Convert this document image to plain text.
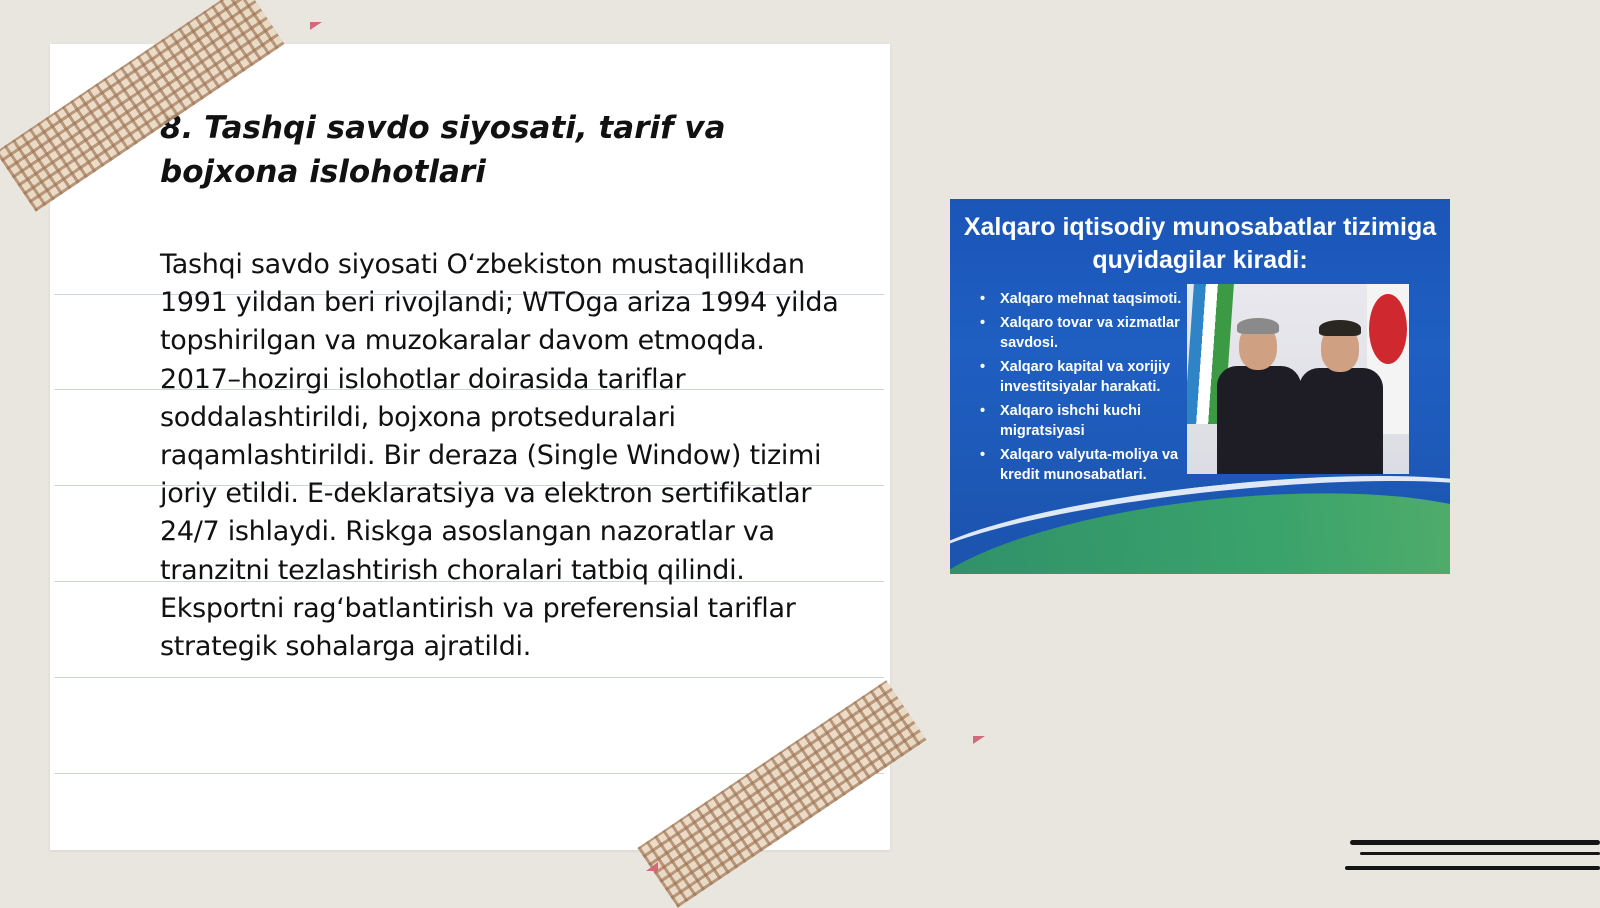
8. Tashqi savdo siyosati, tarif va bojxona islohotlari

Tashqi savdo siyosati O‘zbekiston mustaqillikdan 1991 yildan beri rivojlandi; WTOga ariza 1994 yilda topshirilgan va muzokaralar davom etmoqda. 2017–hozirgi islohotlar doirasida tariflar soddalashtirildi, bojxona protseduralari raqamlashtirildi. Bir deraza (Single Window) tizimi joriy etildi. E-deklaratsiya va elektron sertifikatlar 24/7 ishlaydi. Riskga asoslangan nazoratlar va tranzitni tezlashtirish choralari tatbiq qilindi. Eksportni rag‘batlantirish va preferensial tariflar strategik sohalarga ajratildi.

Xalqaro iqtisodiy munosabatlar tizimiga quyidagilar kiradi:
• Xalqaro mehnat taqsimoti.
• Xalqaro tovar va xizmatlar savdosi.
• Xalqaro kapital va xorijiy investitsiyalar harakati.
• Xalqaro ishchi kuchi migratsiyasi
• Xalqaro valyuta-moliya va kredit munosabatlari.
